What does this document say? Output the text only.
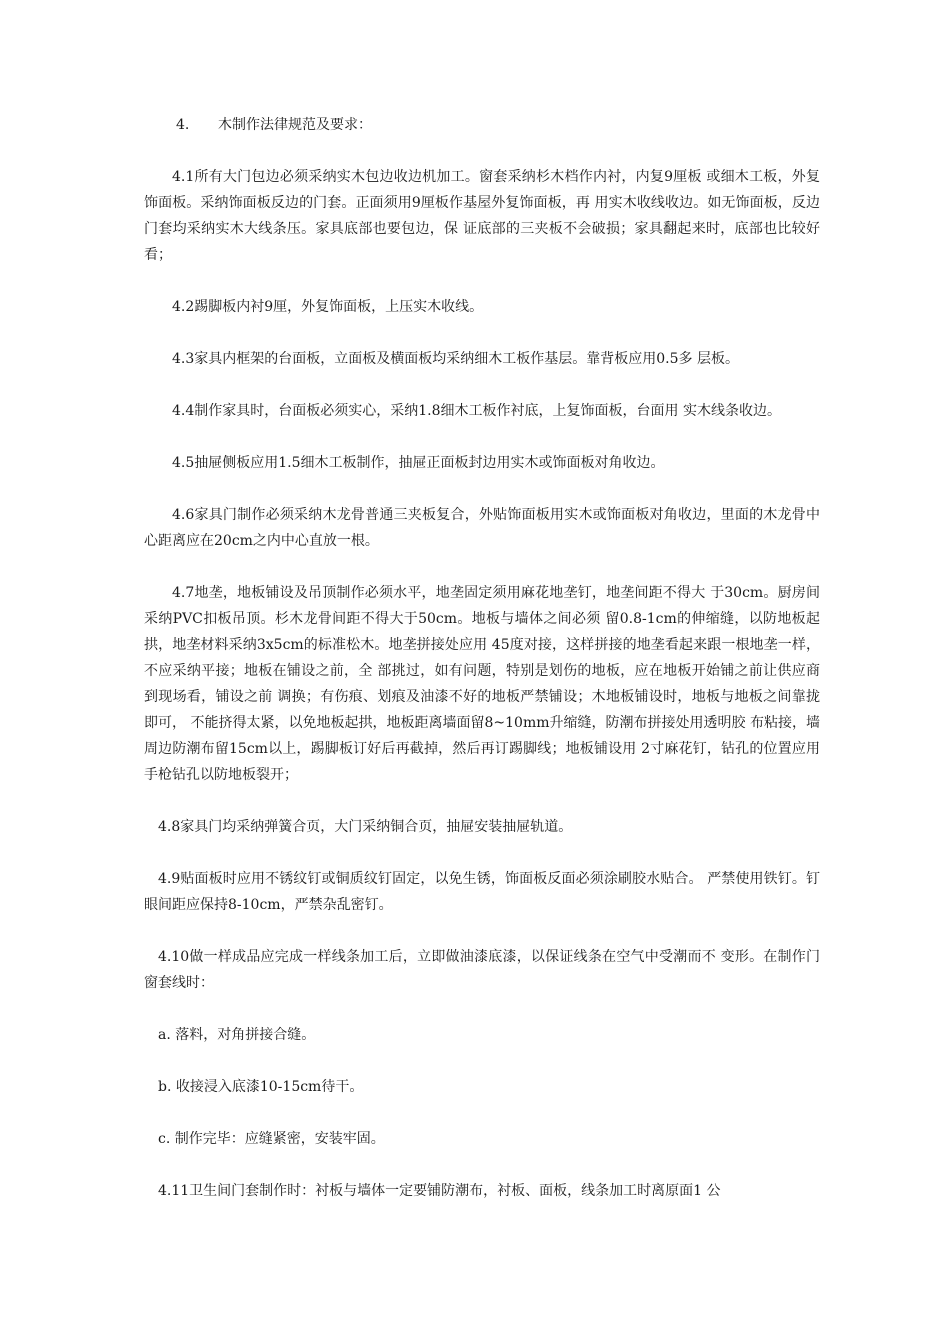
4. 木制作法律规范及要求：

4.1所有大门包边必须采纳实木包边收边机加工。窗套采纳杉木档作内衬，内复9厘板 或细木工板，外复饰面板。采纳饰面板反边的门套。正面须用9厘板作基屋外复饰面板，再 用实木收线收边。如无饰面板，反边门套均采纳实木大线条压。家具底部也要包边，保 证底部的三夹板不会破损；家具翻起来时，底部也比较好看；

4.2踢脚板内衬9厘，外复饰面板，上压实木收线。

4.3家具内框架的台面板，立面板及横面板均采纳细木工板作基层。靠背板应用0.5多 层板。

4.4制作家具时，台面板必须实心，采纳1.8细木工板作衬底，上复饰面板，台面用 实木线条收边。

4.5抽屉侧板应用1.5细木工板制作，抽屉正面板封边用实木或饰面板对角收边。

4.6家具门制作必须采纳木龙骨普通三夹板复合，外贴饰面板用实木或饰面板对角收边，里面的木龙骨中心距离应在20cm之内中心直放一根。

4.7地垄，地板铺设及吊顶制作必须水平，地垄固定须用麻花地垄钉，地垄间距不得大 于30cm。厨房间采纳PVC扣板吊顶。杉木龙骨间距不得大于50cm。地板与墙体之间必须 留0.8-1cm的伸缩缝，以防地板起拱，地垄材料采纳3x5cm的标准松木。地垄拼接处应用 45度对接，这样拼接的地垄看起来跟一根地垄一样，不应采纳平接；地板在铺设之前，全 部挑过，如有问题，特别是划伤的地板，应在地板开始铺之前让供应商到现场看，铺设之前 调换；有伤痕、划痕及油漆不好的地板严禁铺设；木地板铺设时，地板与地板之间靠拢即可， 不能挤得太紧，以免地板起拱，地板距离墙面留8~10mm升缩缝，防潮布拼接处用透明胶 布粘接，墙周边防潮布留15cm以上，踢脚板订好后再截掉，然后再订踢脚线；地板铺设用 2寸麻花钉，钻孔的位置应用手枪钻孔以防地板裂开；

4.8家具门均采纳弹簧合页，大门采纳铜合页，抽屉安装抽屉轨道。

4.9贴面板时应用不锈纹钉或铜质纹钉固定，以免生锈，饰面板反面必须涂刷胶水贴合。 严禁使用铁钉。钉眼间距应保持8-10cm，严禁杂乱密钉。

4.10做一样成品应完成一样线条加工后，立即做油漆底漆，以保证线条在空气中受潮而不 变形。在制作门窗套线时：

a. 落料，对角拼接合缝。

b. 收接浸入底漆10-15cm待干。

c. 制作完毕：应缝紧密，安装牢固。

4.11卫生间门套制作时：衬板与墙体一定要铺防潮布，衬板、面板，线条加工时离原面1 公
